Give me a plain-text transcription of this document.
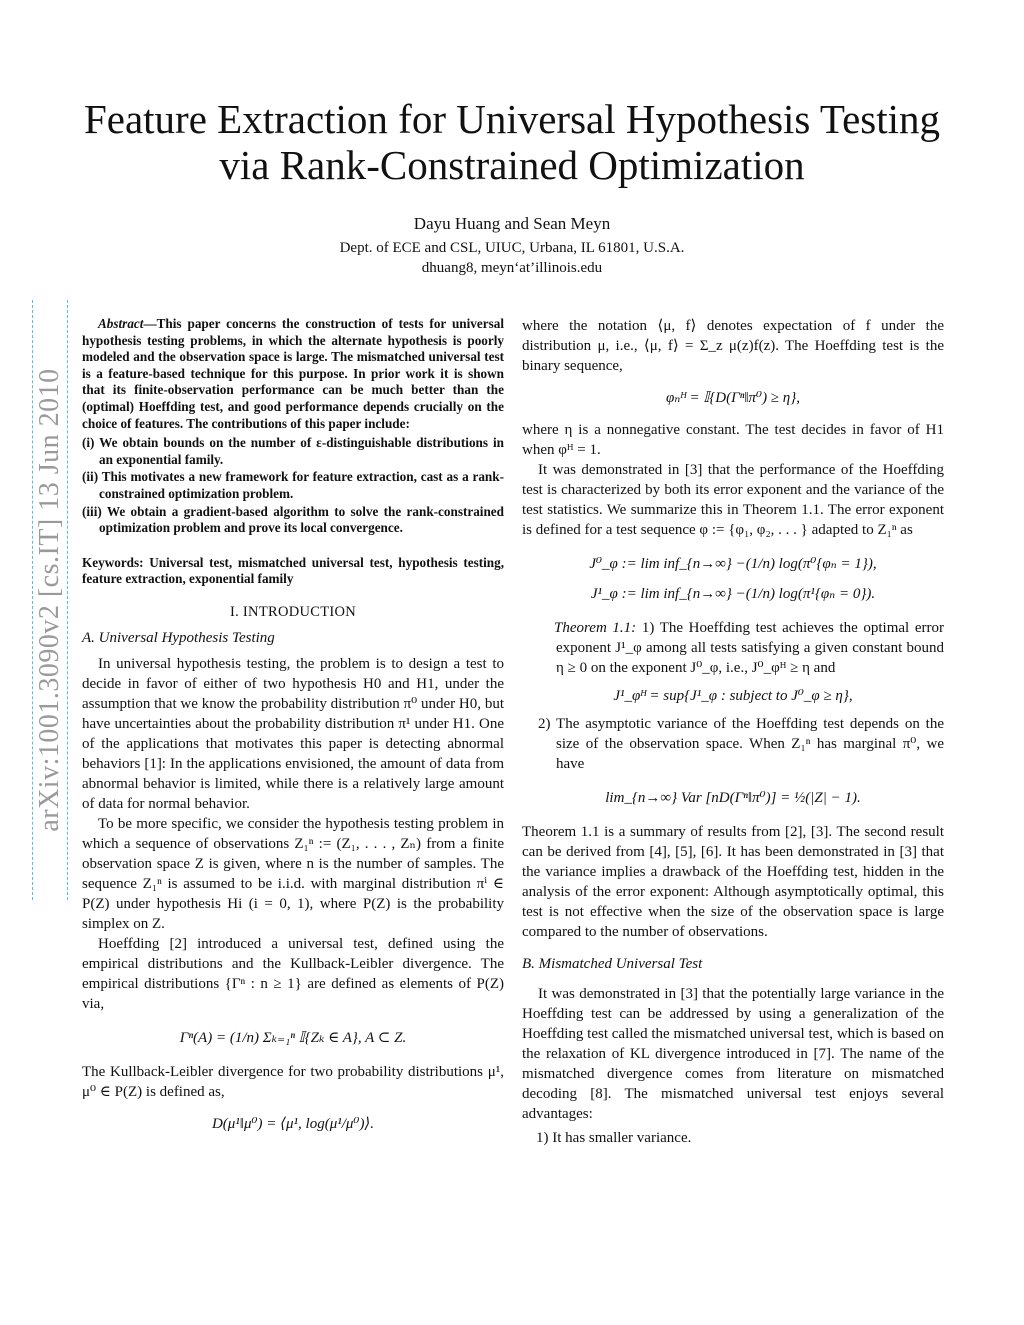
arXiv:1001.3090v2 [cs.IT] 13 Jun 2010
Feature Extraction for Universal Hypothesis Testing
via Rank-Constrained Optimization
Dayu Huang and Sean Meyn
Dept. of ECE and CSL, UIUC, Urbana, IL 61801, U.S.A.
dhuang8, meyn‘at’illinois.edu

Abstract—This paper concerns the construction of tests for universal hypothesis testing problems, in which the alternate hypothesis is poorly modeled and the observation space is large. The mismatched universal test is a feature-based technique for this purpose. In prior work it is shown that its finite-observation performance can be much better than the (optimal) Hoeffding test, and good performance depends crucially on the choice of features. The contributions of this paper include:

(i) We obtain bounds on the number of ε-distinguishable distributions in an exponential family.
(ii) This motivates a new framework for feature extraction, cast as a rank-constrained optimization problem.
(iii) We obtain a gradient-based algorithm to solve the rank-constrained optimization problem and prove its local convergence.

Keywords: Universal test, mismatched universal test, hypothesis testing, feature extraction, exponential family

I. INTRODUCTION
A. Universal Hypothesis Testing

In universal hypothesis testing, the problem is to design a test to decide in favor of either of two hypothesis H0 and H1, under the assumption that we know the probability distribution π⁰ under H0, but have uncertainties about the probability distribution π¹ under H1. One of the applications that motivates this paper is detecting abnormal behaviors [1]: In the applications envisioned, the amount of data from abnormal behavior is limited, while there is a relatively large amount of data for normal behavior.

To be more specific, we consider the hypothesis testing problem in which a sequence of observations Z₁ⁿ := (Z₁, . . . , Zₙ) from a finite observation space Z is given, where n is the number of samples. The sequence Z₁ⁿ is assumed to be i.i.d. with marginal distribution πⁱ ∈ P(Z) under hypothesis Hi (i = 0, 1), where P(Z) is the probability simplex on Z.

Hoeffding [2] introduced a universal test, defined using the empirical distributions and the Kullback-Leibler divergence. The empirical distributions {Γⁿ : n ≥ 1} are defined as elements of P(Z) via,

Γⁿ(A) = (1/n) Σₖ₌₁ⁿ 𝕀{Zₖ ∈ A}, A ⊂ Z.

The Kullback-Leibler divergence for two probability distributions μ¹, μ⁰ ∈ P(Z) is defined as,

D(μ¹‖μ⁰) = ⟨μ¹, log(μ¹/μ⁰)⟩.

where the notation ⟨μ, f⟩ denotes expectation of f under the distribution μ, i.e., ⟨μ, f⟩ = Σ_z μ(z)f(z). The Hoeffding test is the binary sequence,

φₙᴴ = 𝕀{D(Γⁿ‖π⁰) ≥ η},

where η is a nonnegative constant. The test decides in favor of H1 when φᴴ = 1.

It was demonstrated in [3] that the performance of the Hoeffding test is characterized by both its error exponent and the variance of the test statistics. We summarize this in Theorem 1.1. The error exponent is defined for a test sequence φ := {φ₁, φ₂, . . . } adapted to Z₁ⁿ as

J⁰_φ := lim inf_{n→∞} −(1/n) log(π⁰{φₙ = 1}),
J¹_φ := lim inf_{n→∞} −(1/n) log(π¹{φₙ = 0}).

Theorem 1.1: 1) The Hoeffding test achieves the optimal error exponent J¹_φ among all tests satisfying a given constant bound η ≥ 0 on the exponent J⁰_φ, i.e., J⁰_φᴴ ≥ η and

J¹_φᴴ = sup{J¹_φ : subject to J⁰_φ ≥ η},

2) The asymptotic variance of the Hoeffding test depends on the size of the observation space. When Z₁ⁿ has marginal π⁰, we have

lim_{n→∞} Var [nD(Γⁿ‖π⁰)] = ½(|Z| − 1).

Theorem 1.1 is a summary of results from [2], [3]. The second result can be derived from [4], [5], [6]. It has been demonstrated in [3] that the variance implies a drawback of the Hoeffding test, hidden in the analysis of the error exponent: Although asymptotically optimal, this test is not effective when the size of the observation space is large compared to the number of observations.

B. Mismatched Universal Test

It was demonstrated in [3] that the potentially large variance in the Hoeffding test can be addressed by using a generalization of the Hoeffding test called the mismatched universal test, which is based on the relaxation of KL divergence introduced in [7]. The name of the mismatched divergence comes from literature on mismatched decoding [8]. The mismatched universal test enjoys several advantages:

1) It has smaller variance.
